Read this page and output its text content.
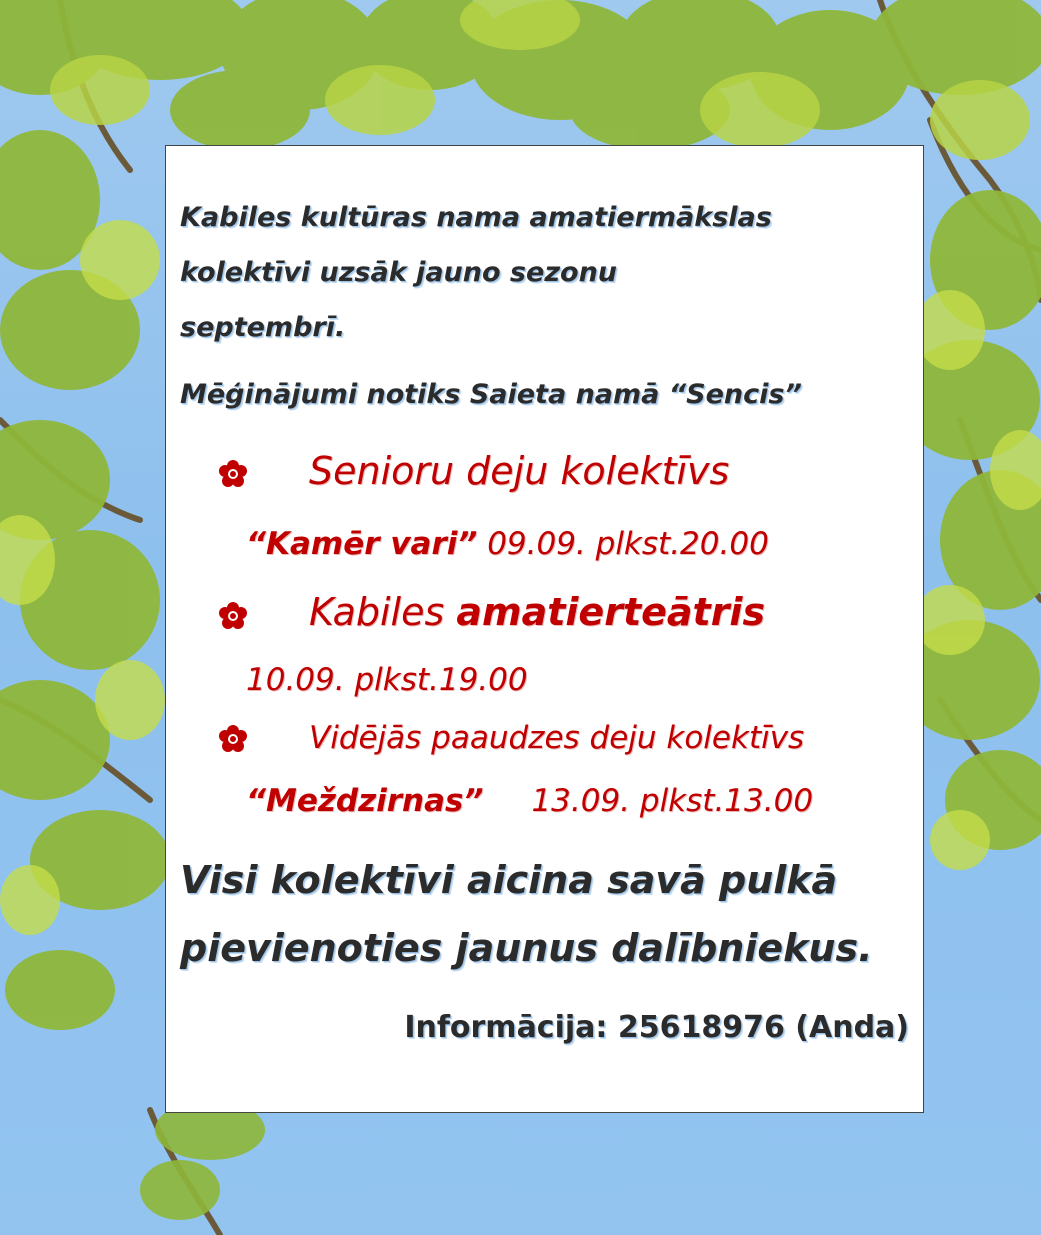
Kabiles kultūras nama amatiermākslas

kolektīvi uzsāk jauno sezonu

septembrī.

Mēģinājumi notiks Saieta namā “Sencis”

Senioru deju kolektīvs

“Kamēr vari” 09.09. plkst.20.00

Kabiles amatierteātris

10.09. plkst.19.00

Vidējās paaudzes deju kolektīvs

“Meždzirnas” 13.09. plkst.13.00

Visi kolektīvi aicina savā pulkā

pievienoties jaunus dalībniekus.

Informācija: 25618976 (Anda)
